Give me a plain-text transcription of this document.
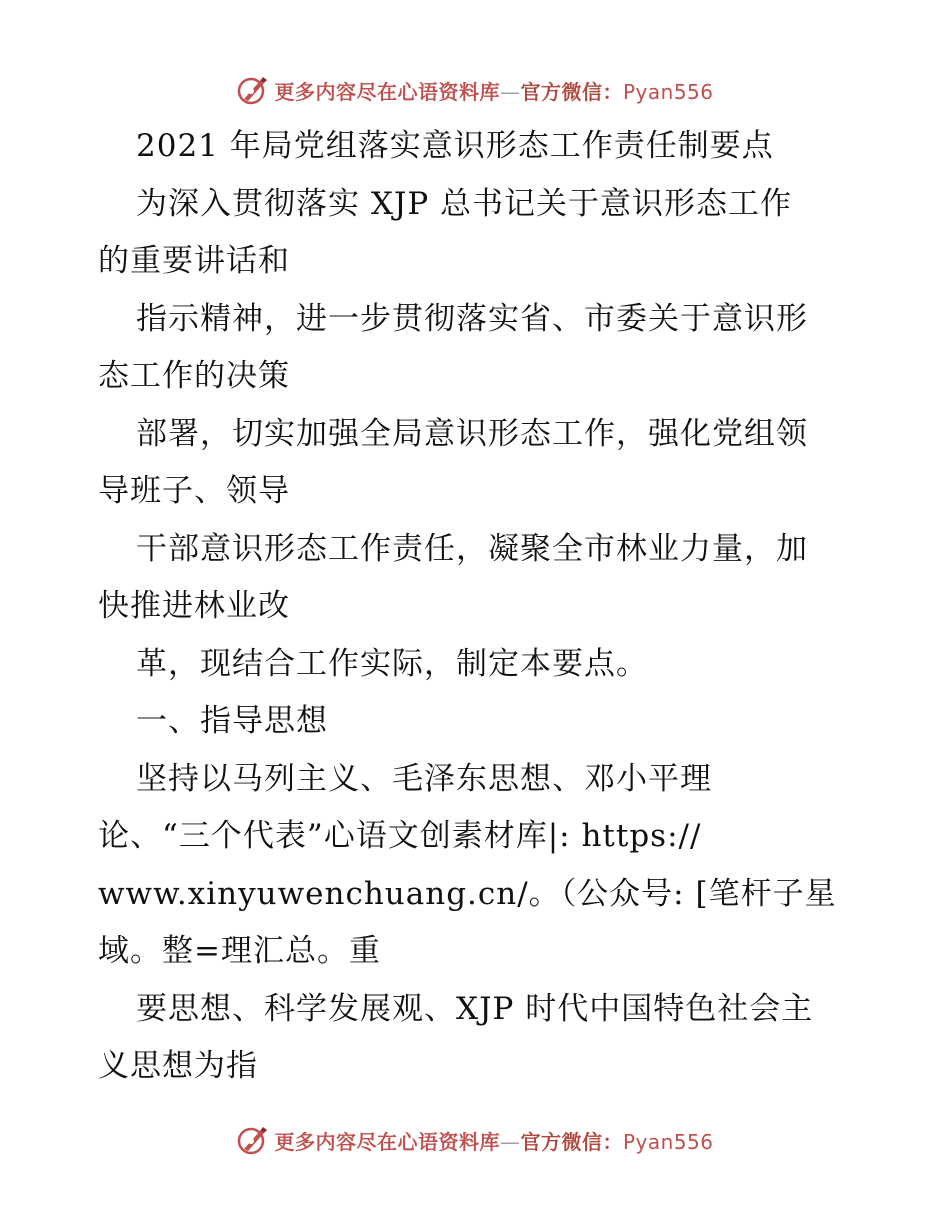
更多内容尽在心语资料库—官方微信：Pyan556
2021 年局党组落实意识形态工作责任制要点
为深入贯彻落实 XJP 总书记关于意识形态工作
的重要讲话和
指示精神，进一步贯彻落实省、市委关于意识形
态工作的决策
部署，切实加强全局意识形态工作，强化党组领
导班子、领导
干部意识形态工作责任，凝聚全市林业力量，加
快推进林业改
革，现结合工作实际，制定本要点。
一、指导思想
坚持以马列主义、毛泽东思想、邓小平理
论、“三个代表”心语文创素材库|: https://
www.xinyuwenchuang.cn/。（公众号: [笔杆子星
域。整=理汇总。重
要思想、科学发展观、XJP 时代中国特色社会主
义思想为指
更多内容尽在心语资料库—官方微信：Pyan556
